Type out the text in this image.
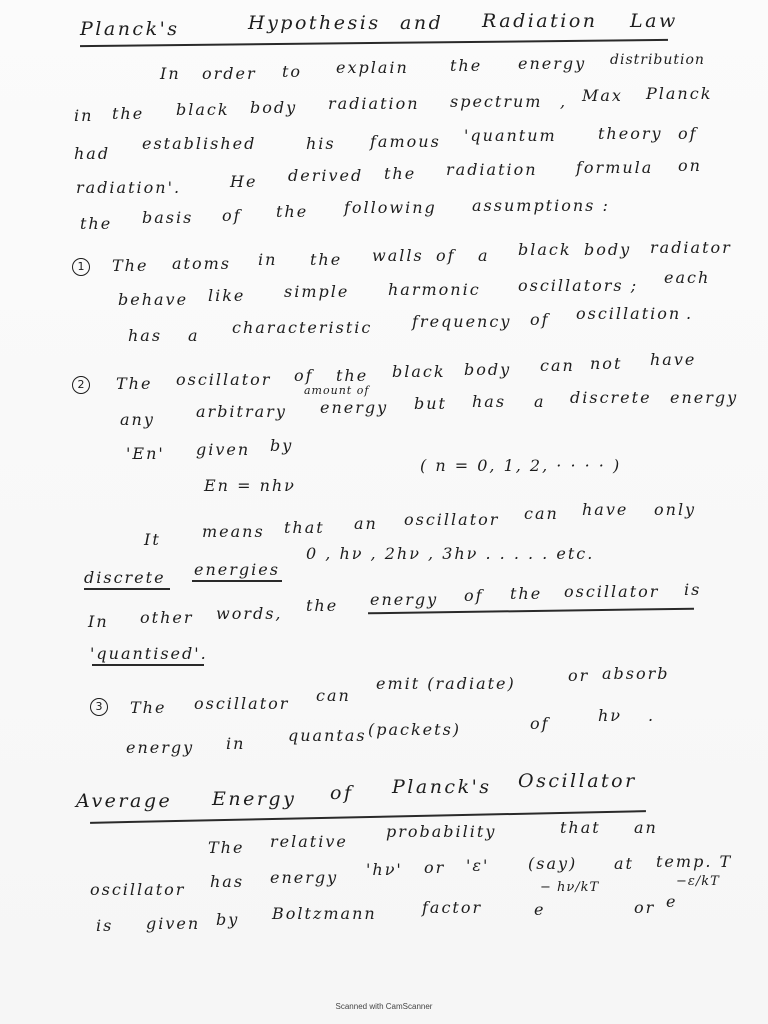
Planck's	Hypothesis and Radiation Law
In order to explain	the energy distribution
in the black body radiation spectrum , Max Planck
had
established	his famous 'quantum	theory of
radiation'.	He derived the radiation formula on
the basis of the following assumptions :
1	The atoms in the walls of a black body radiator
behave like simple harmonic oscillators ; each
has a characteristic frequency of oscillation .
2	The oscillator of the black body can not have
amount of
any	arbitrary energy but has a discrete energy
'En' given by
( n = 0, 1, 2, · · · · )
En = nhν
It	means that an oscillator can have only
discrete energies
0 , hν , 2hν , 3hν . . . . . etc.
In other words, the energy of the oscillator is
'quantised'.
3	The oscillator can
emit (radiate)	or absorb
energy in	quantas (packets)	of	hν .
Average Energy of Planck's Oscillator
The relative
probability	that an
oscillator has energy 'hν' or 'ε' (say) at temp. T
is given by Boltzmann	factor	e
− hν/kT
or e
−ε/kT
Scanned with CamScanner
